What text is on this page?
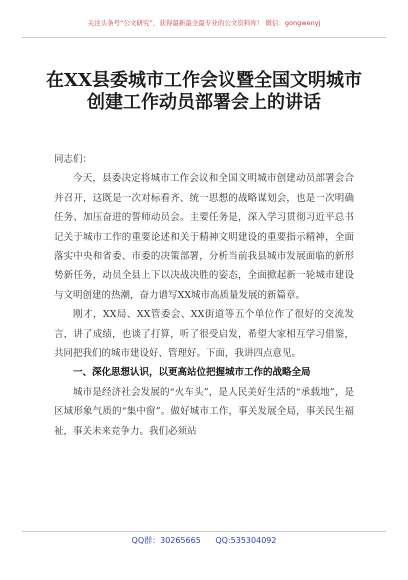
关注头条号“公文研究”，获得最新最全最专业的公文资料库！ 微信：gongwenyj
在XX县委城市工作会议暨全国文明城市
创建工作动员部署会上的讲话

同志们：

今天，县委决定将城市工作会议和全国文明城市创建动员部署会合并召开，这既是一次对标看齐、统一思想的战略谋划会，也是一次明确任务、加压奋进的誓师动员会。主要任务是，深入学习贯彻习近平总书记关于城市工作的重要论述和关于精神文明建设的重要指示精神，全面落实中央和省委、市委的决策部署，分析当前我县城市发展面临的新形势新任务，动员全县上下以决战决胜的姿态，全面掀起新一轮城市建设与文明创建的热潮，奋力谱写XX城市高质量发展的新篇章。

刚才，XX局、XX管委会、XX街道等五个单位作了很好的交流发言，讲了成绩，也谈了打算，听了很受启发，希望大家相互学习借鉴，共同把我们的城市建设好、管理好。下面，我讲四点意见。

一、深化思想认识，以更高站位把握城市工作的战略全局

城市是经济社会发展的“火车头”，是人民美好生活的“承载地”，是区域形象气质的“集中窗”。做好城市工作，事关发展全局，事关民生福祉，事关未来竞争力。我们必须站

QQ群：30265665 QQ:535304092
